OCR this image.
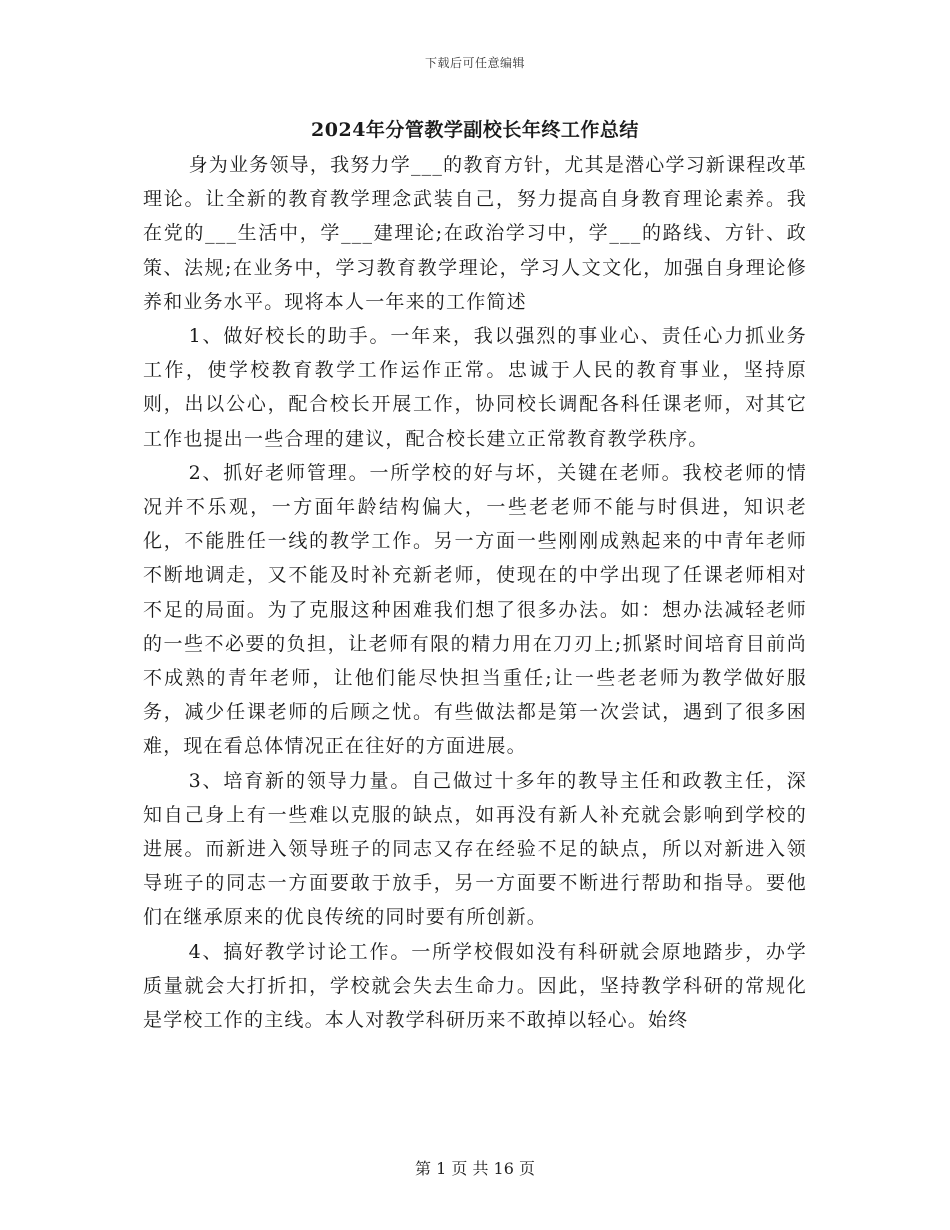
下载后可任意编辑
2024年分管教学副校长年终工作总结

身为业务领导，我努力学___的教育方针，尤其是潜心学习新课程改革理论。让全新的教育教学理念武装自己，努力提高自身教育理论素养。我在党的___生活中，学___建理论;在政治学习中，学___的路线、方针、政策、法规;在业务中，学习教育教学理论，学习人文文化，加强自身理论修养和业务水平。现将本人一年来的工作简述

1、做好校长的助手。一年来，我以强烈的事业心、责任心力抓业务工作，使学校教育教学工作运作正常。忠诚于人民的教育事业，坚持原则，出以公心，配合校长开展工作，协同校长调配各科任课老师，对其它工作也提出一些合理的建议，配合校长建立正常教育教学秩序。

2、抓好老师管理。一所学校的好与坏，关键在老师。我校老师的情况并不乐观，一方面年龄结构偏大，一些老老师不能与时俱进，知识老化，不能胜任一线的教学工作。另一方面一些刚刚成熟起来的中青年老师不断地调走，又不能及时补充新老师，使现在的中学出现了任课老师相对不足的局面。为了克服这种困难我们想了很多办法。如：想办法减轻老师的一些不必要的负担，让老师有限的精力用在刀刃上;抓紧时间培育目前尚不成熟的青年老师，让他们能尽快担当重任;让一些老老师为教学做好服务，减少任课老师的后顾之忧。有些做法都是第一次尝试，遇到了很多困难，现在看总体情况正在往好的方面进展。

3、培育新的领导力量。自己做过十多年的教导主任和政教主任，深知自己身上有一些难以克服的缺点，如再没有新人补充就会影响到学校的进展。而新进入领导班子的同志又存在经验不足的缺点，所以对新进入领导班子的同志一方面要敢于放手，另一方面要不断进行帮助和指导。要他们在继承原来的优良传统的同时要有所创新。

4、搞好教学讨论工作。一所学校假如没有科研就会原地踏步，办学质量就会大打折扣，学校就会失去生命力。因此，坚持教学科研的常规化是学校工作的主线。本人对教学科研历来不敢掉以轻心。始终

第 1 页 共 16 页
